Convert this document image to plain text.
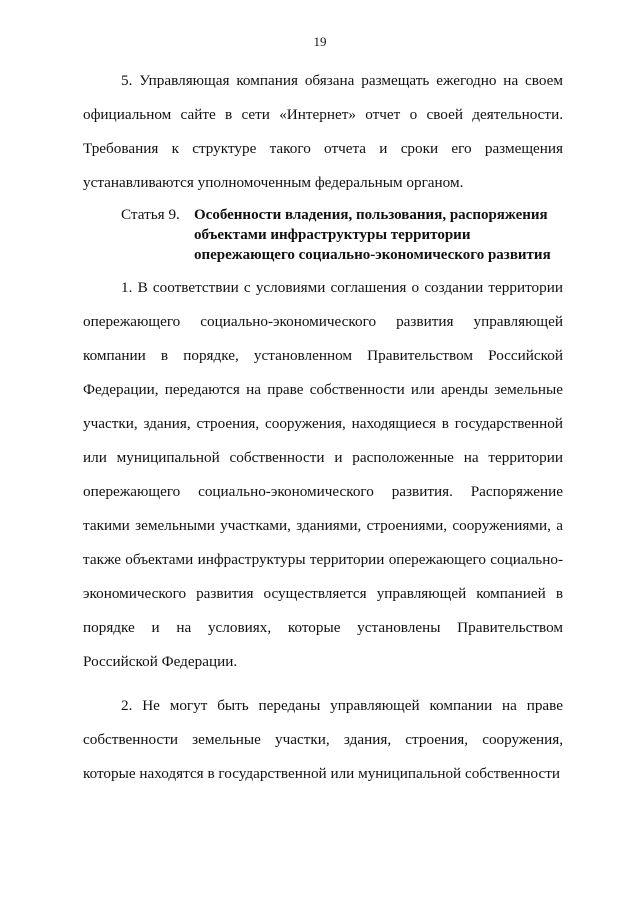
19

5. Управляющая компания обязана размещать ежегодно на своем официальном сайте в сети «Интернет» отчет о своей деятельности. Требования к структуре такого отчета и сроки его размещения устанавливаются уполномоченным федеральным органом.

Статья 9. Особенности владения, пользования, распоряжения объектами инфраструктуры территории опережающего социально-экономического развития

1. В соответствии с условиями соглашения о создании территории опережающего социально-экономического развития управляющей компании в порядке, установленном Правительством Российской Федерации, передаются на праве собственности или аренды земельные участки, здания, строения, сооружения, находящиеся в государственной или муниципальной собственности и расположенные на территории опережающего социально-экономического развития. Распоряжение такими земельными участками, зданиями, строениями, сооружениями, а также объектами инфраструктуры территории опережающего социально-экономического развития осуществляется управляющей компанией в порядке и на условиях, которые установлены Правительством Российской Федерации.

2. Не могут быть переданы управляющей компании на праве собственности земельные участки, здания, строения, сооружения, которые находятся в государственной или муниципальной собственности
